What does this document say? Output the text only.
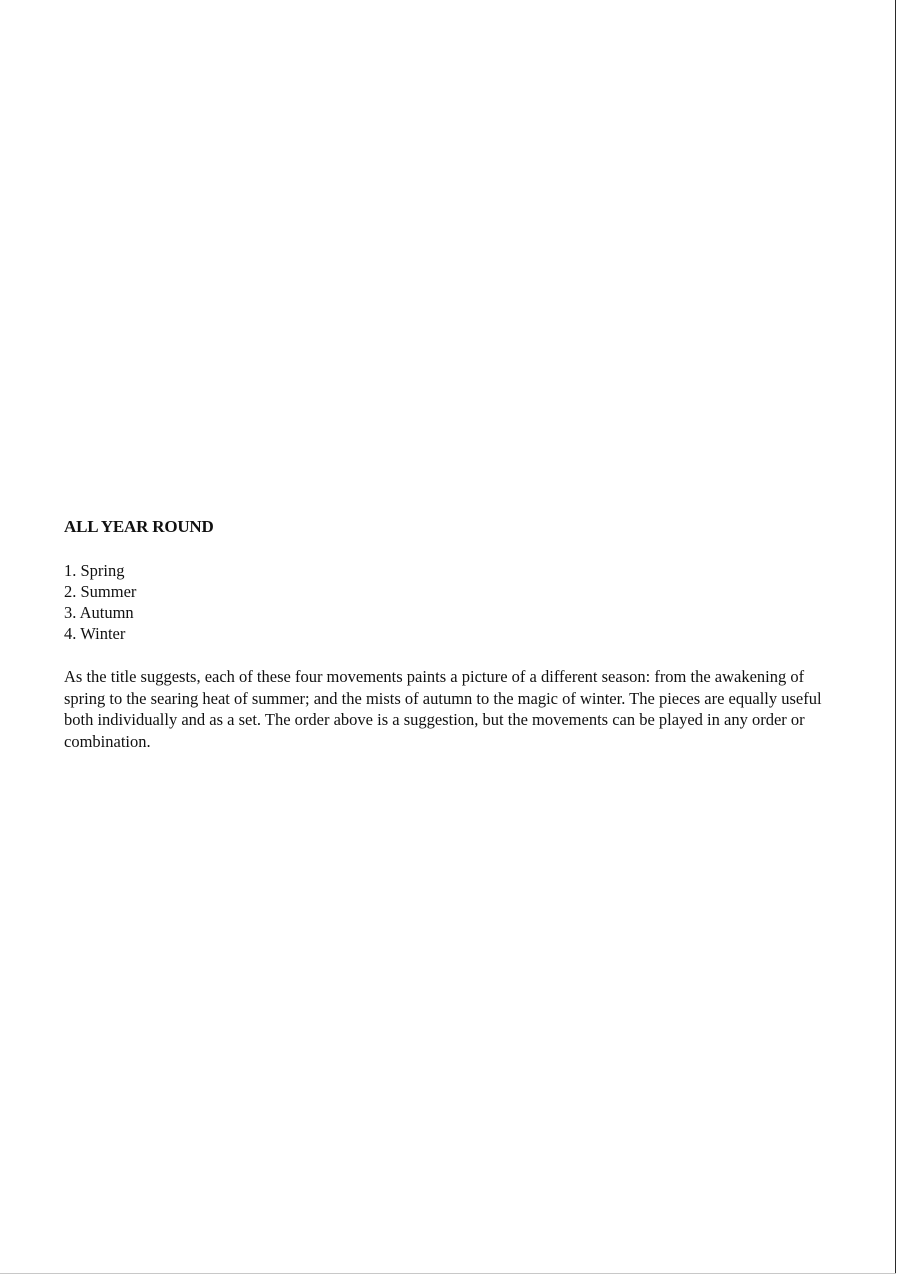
ALL YEAR ROUND
1. Spring
2. Summer
3. Autumn
4. Winter

As the title suggests, each of these four movements paints a picture of a different season: from the awakening of spring to the searing heat of summer; and the mists of autumn to the magic of winter. The pieces are equally useful both individually and as a set. The order above is a suggestion, but the movements can be played in any order or combination.
